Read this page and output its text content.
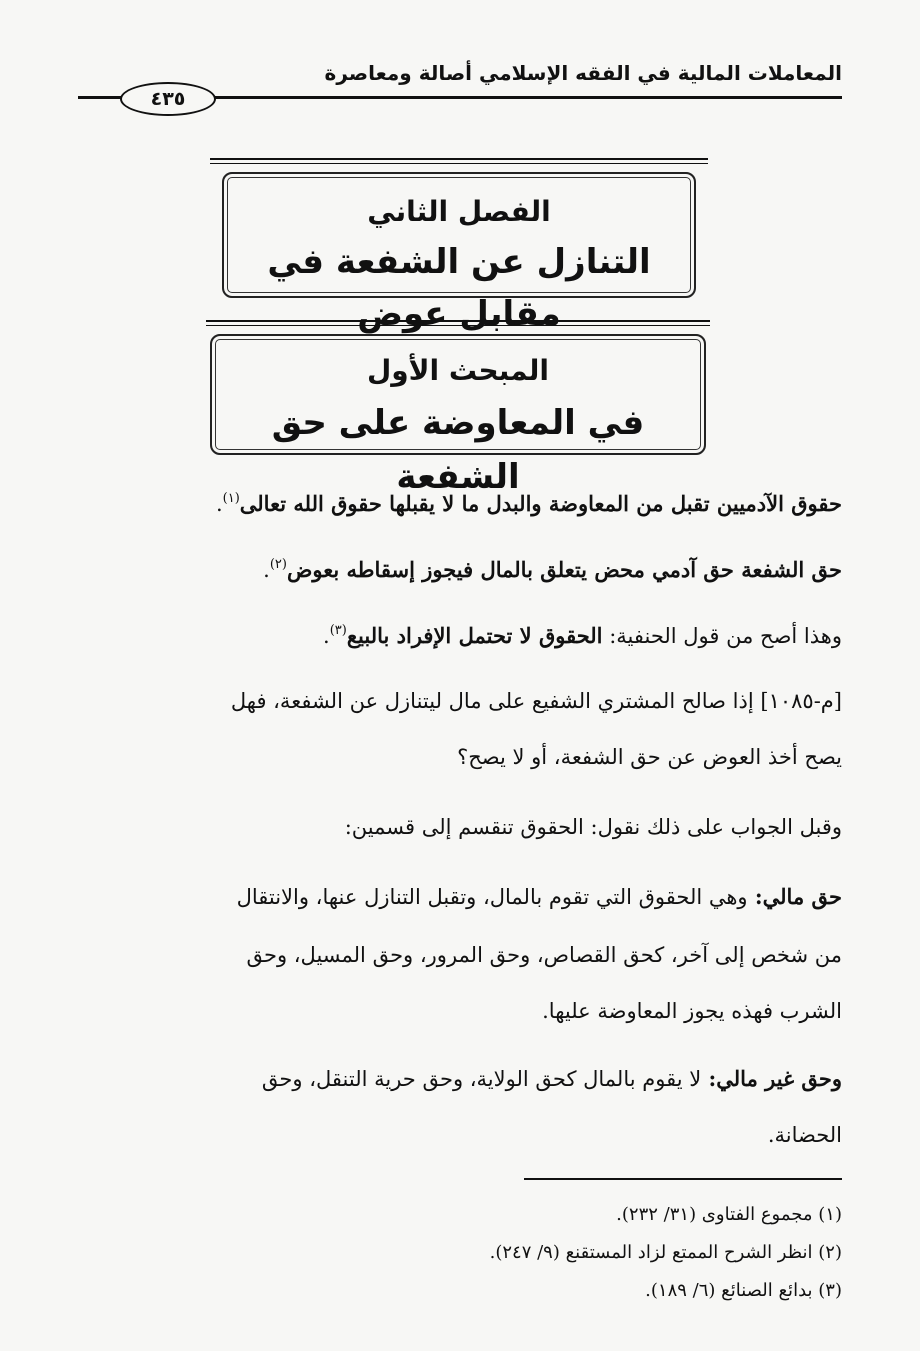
المعاملات المالية في الفقه الإسلامي أصالة ومعاصرة
٤٣٥
الفصل الثاني
التنازل عن الشفعة في مقابل عوض
المبحث الأول
في المعاوضة على حق الشفعة
حقوق الآدميين تقبل من المعاوضة والبدل ما لا يقبلها حقوق الله تعالى$^{(١)}$.
حق الشفعة حق آدمي محض يتعلق بالمال فيجوز إسقاطه بعوض$^{(٢)}$.
وهذا أصح من قول الحنفية: الحقوق لا تحتمل الإفراد بالبيع$^{(٣)}$.
[م-١٠٨٥] إذا صالح المشتري الشفيع على مال ليتنازل عن الشفعة، فهل
يصح أخذ العوض عن حق الشفعة، أو لا يصح؟
وقبل الجواب على ذلك نقول: الحقوق تنقسم إلى قسمين:
حق مالي: وهي الحقوق التي تقوم بالمال، وتقبل التنازل عنها، والانتقال
من شخص إلى آخر، كحق القصاص، وحق المرور، وحق المسيل، وحق
الشرب فهذه يجوز المعاوضة عليها.
وحق غير مالي: لا يقوم بالمال كحق الولاية، وحق حرية التنقل، وحق
الحضانة.
(١) مجموع الفتاوى (٣١/ ٢٣٢).
(٢) انظر الشرح الممتع لزاد المستقنع (٩/ ٢٤٧).
(٣) بدائع الصنائع (٦/ ١٨٩).
